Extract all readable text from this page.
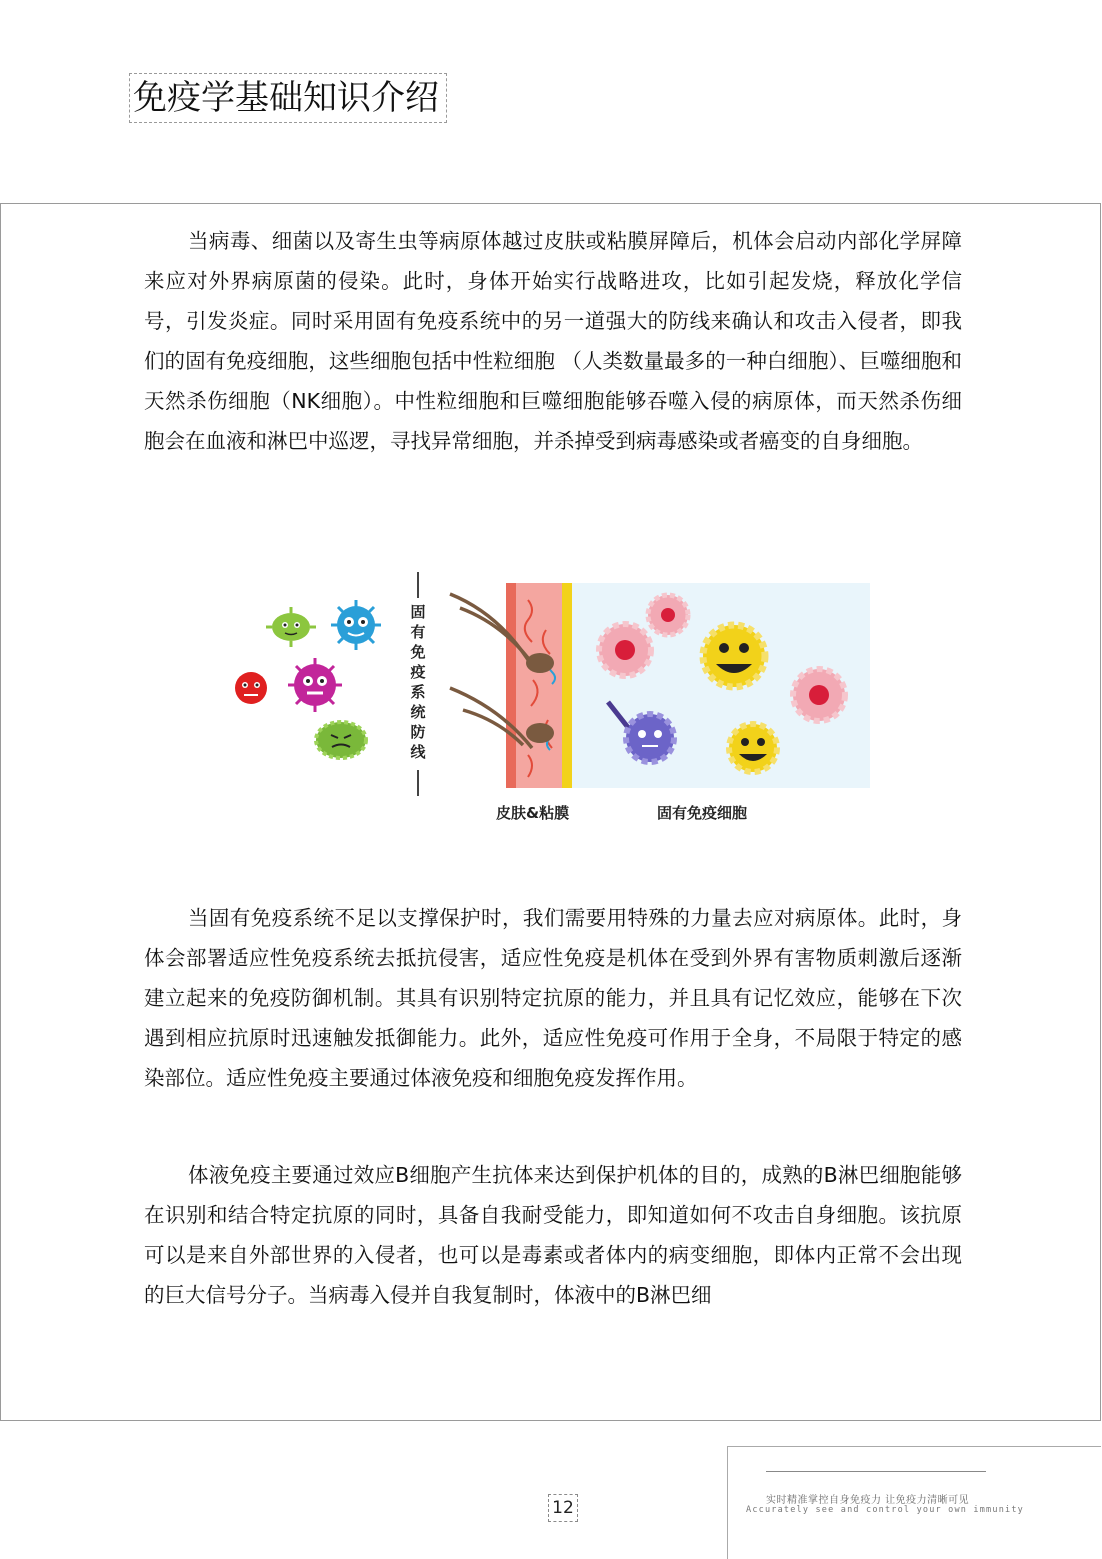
免疫学基础知识介绍

当病毒、细菌以及寄生虫等病原体越过皮肤或粘膜屏障后，机体会启动内部化学屏障来应对外界病原菌的侵染。此时，身体开始实行战略进攻，比如引起发烧，释放化学信号，引发炎症。同时采用固有免疫系统中的另一道强大的防线来确认和攻击入侵者，即我们的固有免疫细胞，这些细胞包括中性粒细胞 （人类数量最多的一种白细胞）、巨噬细胞和天然杀伤细胞（NK细胞）。中性粒细胞和巨噬细胞能够吞噬入侵的病原体，而天然杀伤细胞会在血液和淋巴中巡逻，寻找异常细胞，并杀掉受到病毒感染或者癌变的自身细胞。

固有免疫系统防线
皮肤&粘膜	固有免疫细胞

当固有免疫系统不足以支撑保护时，我们需要用特殊的力量去应对病原体。此时，身体会部署适应性免疫系统去抵抗侵害，适应性免疫是机体在受到外界有害物质刺激后逐渐建立起来的免疫防御机制。其具有识别特定抗原的能力，并且具有记忆效应，能够在下次遇到相应抗原时迅速触发抵御能力。此外，适应性免疫可作用于全身，不局限于特定的感染部位。适应性免疫主要通过体液免疫和细胞免疫发挥作用。

体液免疫主要通过效应B细胞产生抗体来达到保护机体的目的，成熟的B淋巴细胞能够在识别和结合特定抗原的同时，具备自我耐受能力，即知道如何不攻击自身细胞。该抗原可以是来自外部世界的入侵者，也可以是毒素或者体内的病变细胞，即体内正常不会出现的巨大信号分子。当病毒入侵并自我复制时，体液中的B淋巴细

12	实时精准掌控自身免疫力 让免疫力清晰可见
Accurately see and control your own immunity
